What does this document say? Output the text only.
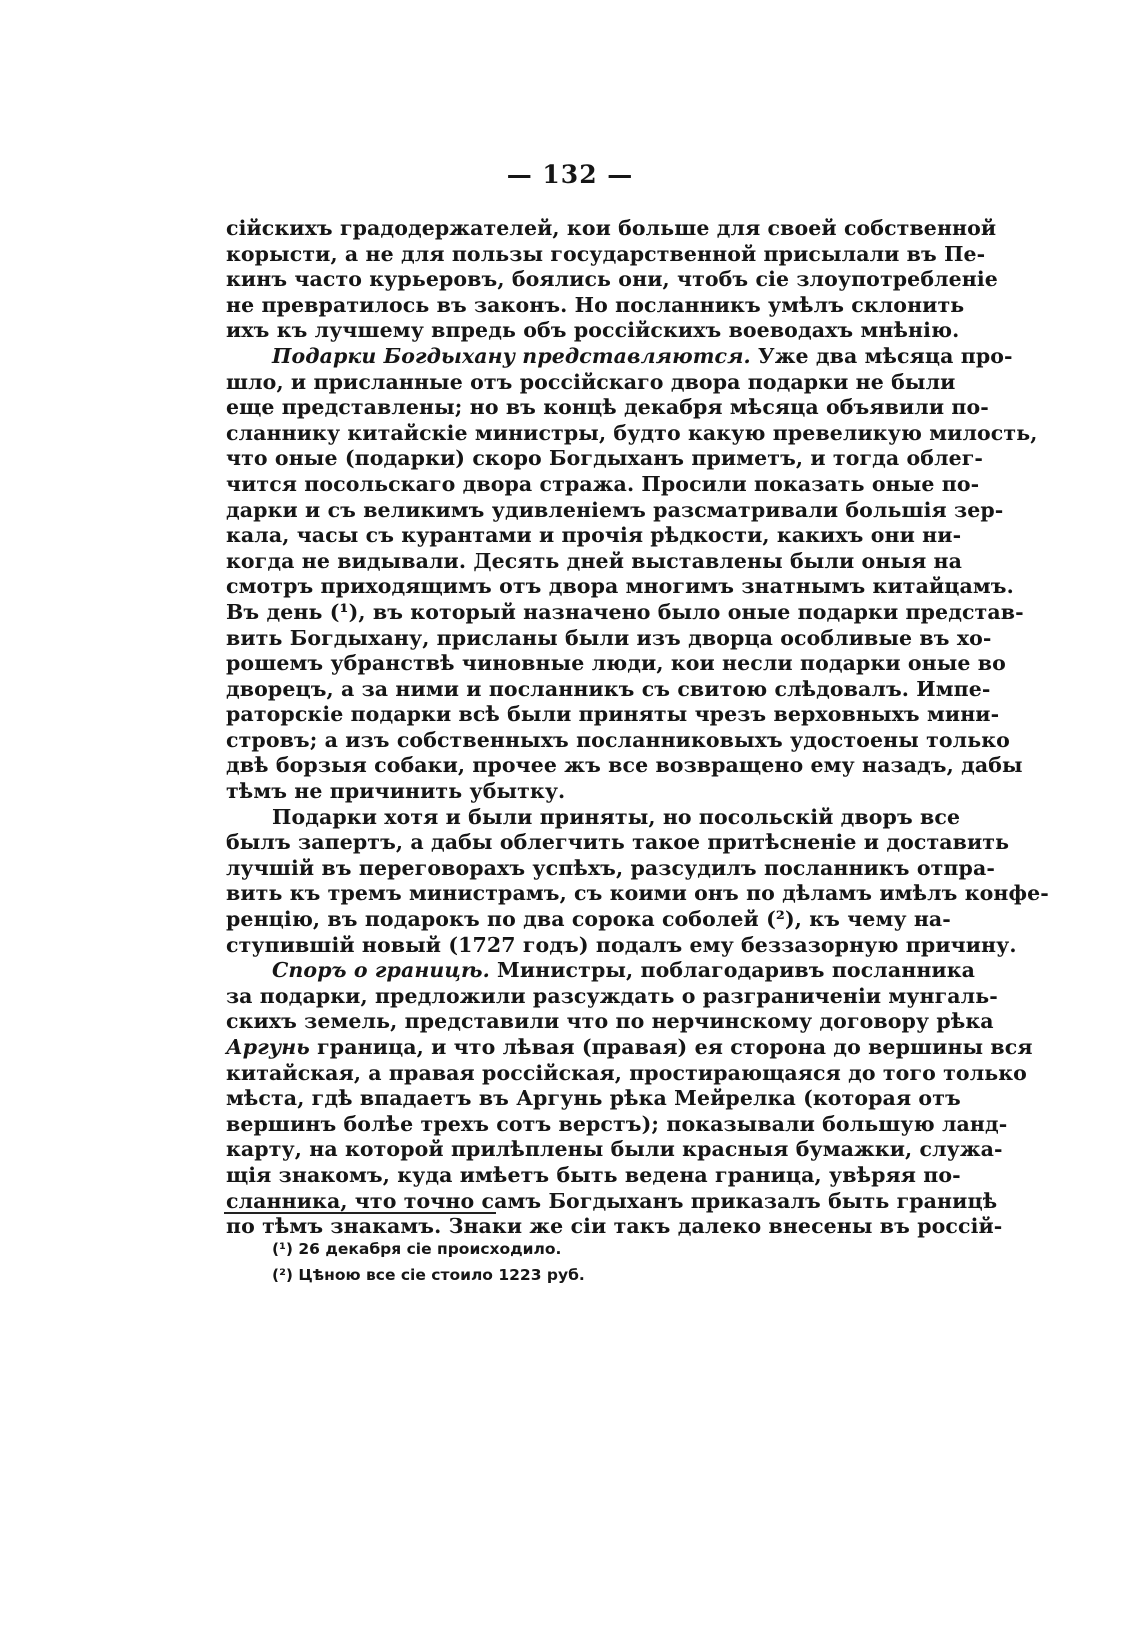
— 132 —
сійскихъ градодержателей, кои больше для своей собственной
корысти, а не для пользы государственной присылали въ Пе-
кинъ часто курьеровъ, боялись они, чтобъ сіе злоупотребленіе
не превратилось въ законъ. Но посланникъ умѣлъ склонить
ихъ къ лучшему впредь объ россійскихъ воеводахъ мнѣнію.
Подарки Богдыхану представляются. Уже два мѣсяца про-
шло, и присланные отъ россійскаго двора подарки не были
еще представлены; но въ концѣ декабря мѣсяца объявили по-
сланнику китайскіе министры, будто какую превеликую милость,
что оные (подарки) скоро Богдыханъ приметъ, и тогда облег-
чится посольскаго двора стража. Просили показать оные по-
дарки и съ великимъ удивленіемъ разсматривали большія зер-
кала, часы съ курантами и прочія рѣдкости, какихъ они ни-
когда не видывали. Десять дней выставлены были оныя на
смотръ приходящимъ отъ двора многимъ знатнымъ китайцамъ.
Въ день (¹), въ который назначено было оные подарки представ-
вить Богдыхану, присланы были изъ дворца особливые въ хо-
рошемъ убранствѣ чиновные люди, кои несли подарки оные во
дворецъ, а за ними и посланникъ съ свитою слѣдовалъ. Импе-
раторскіе подарки всѣ были приняты чрезъ верховныхъ мини-
стровъ; а изъ собственныхъ посланниковыхъ удостоены только
двѣ борзыя собаки, прочее жъ все возвращено ему назадъ, дабы
тѣмъ не причинить убытку.
Подарки хотя и были приняты, но посольскій дворъ все
былъ запертъ, а дабы облегчить такое притѣсненіе и доставить
лучшій въ переговорахъ успѣхъ, разсудилъ посланникъ отпра-
вить къ тремъ министрамъ, съ коими онъ по дѣламъ имѣлъ конфе-
ренцію, въ подарокъ по два сорока соболей (²), къ чему на-
ступившій новый (1727 годъ) подалъ ему беззазорную причину.
Споръ о границѣ. Министры, поблагодаривъ посланника
за подарки, предложили разсуждать о разграниченіи мунгаль-
скихъ земель, представили что по нерчинскому договору рѣка
Аргунь граница, и что лѣвая (правая) ея сторона до вершины вся
китайская, а правая россійская, простирающаяся до того только
мѣста, гдѣ впадаетъ въ Аргунь рѣка Мейрелка (которая отъ
вершинъ болѣе трехъ сотъ верстъ); показывали большую ланд-
карту, на которой прилѣплены были красныя бумажки, служа-
щія знакомъ, куда имѣетъ быть ведена граница, увѣряя по-
сланника, что точно самъ Богдыханъ приказалъ быть границѣ
по тѣмъ знакамъ. Знаки же сіи такъ далеко внесены въ россій-
(¹) 26 декабря сіе происходило.
(²) Цѣною все сіе стоило 1223 руб.
